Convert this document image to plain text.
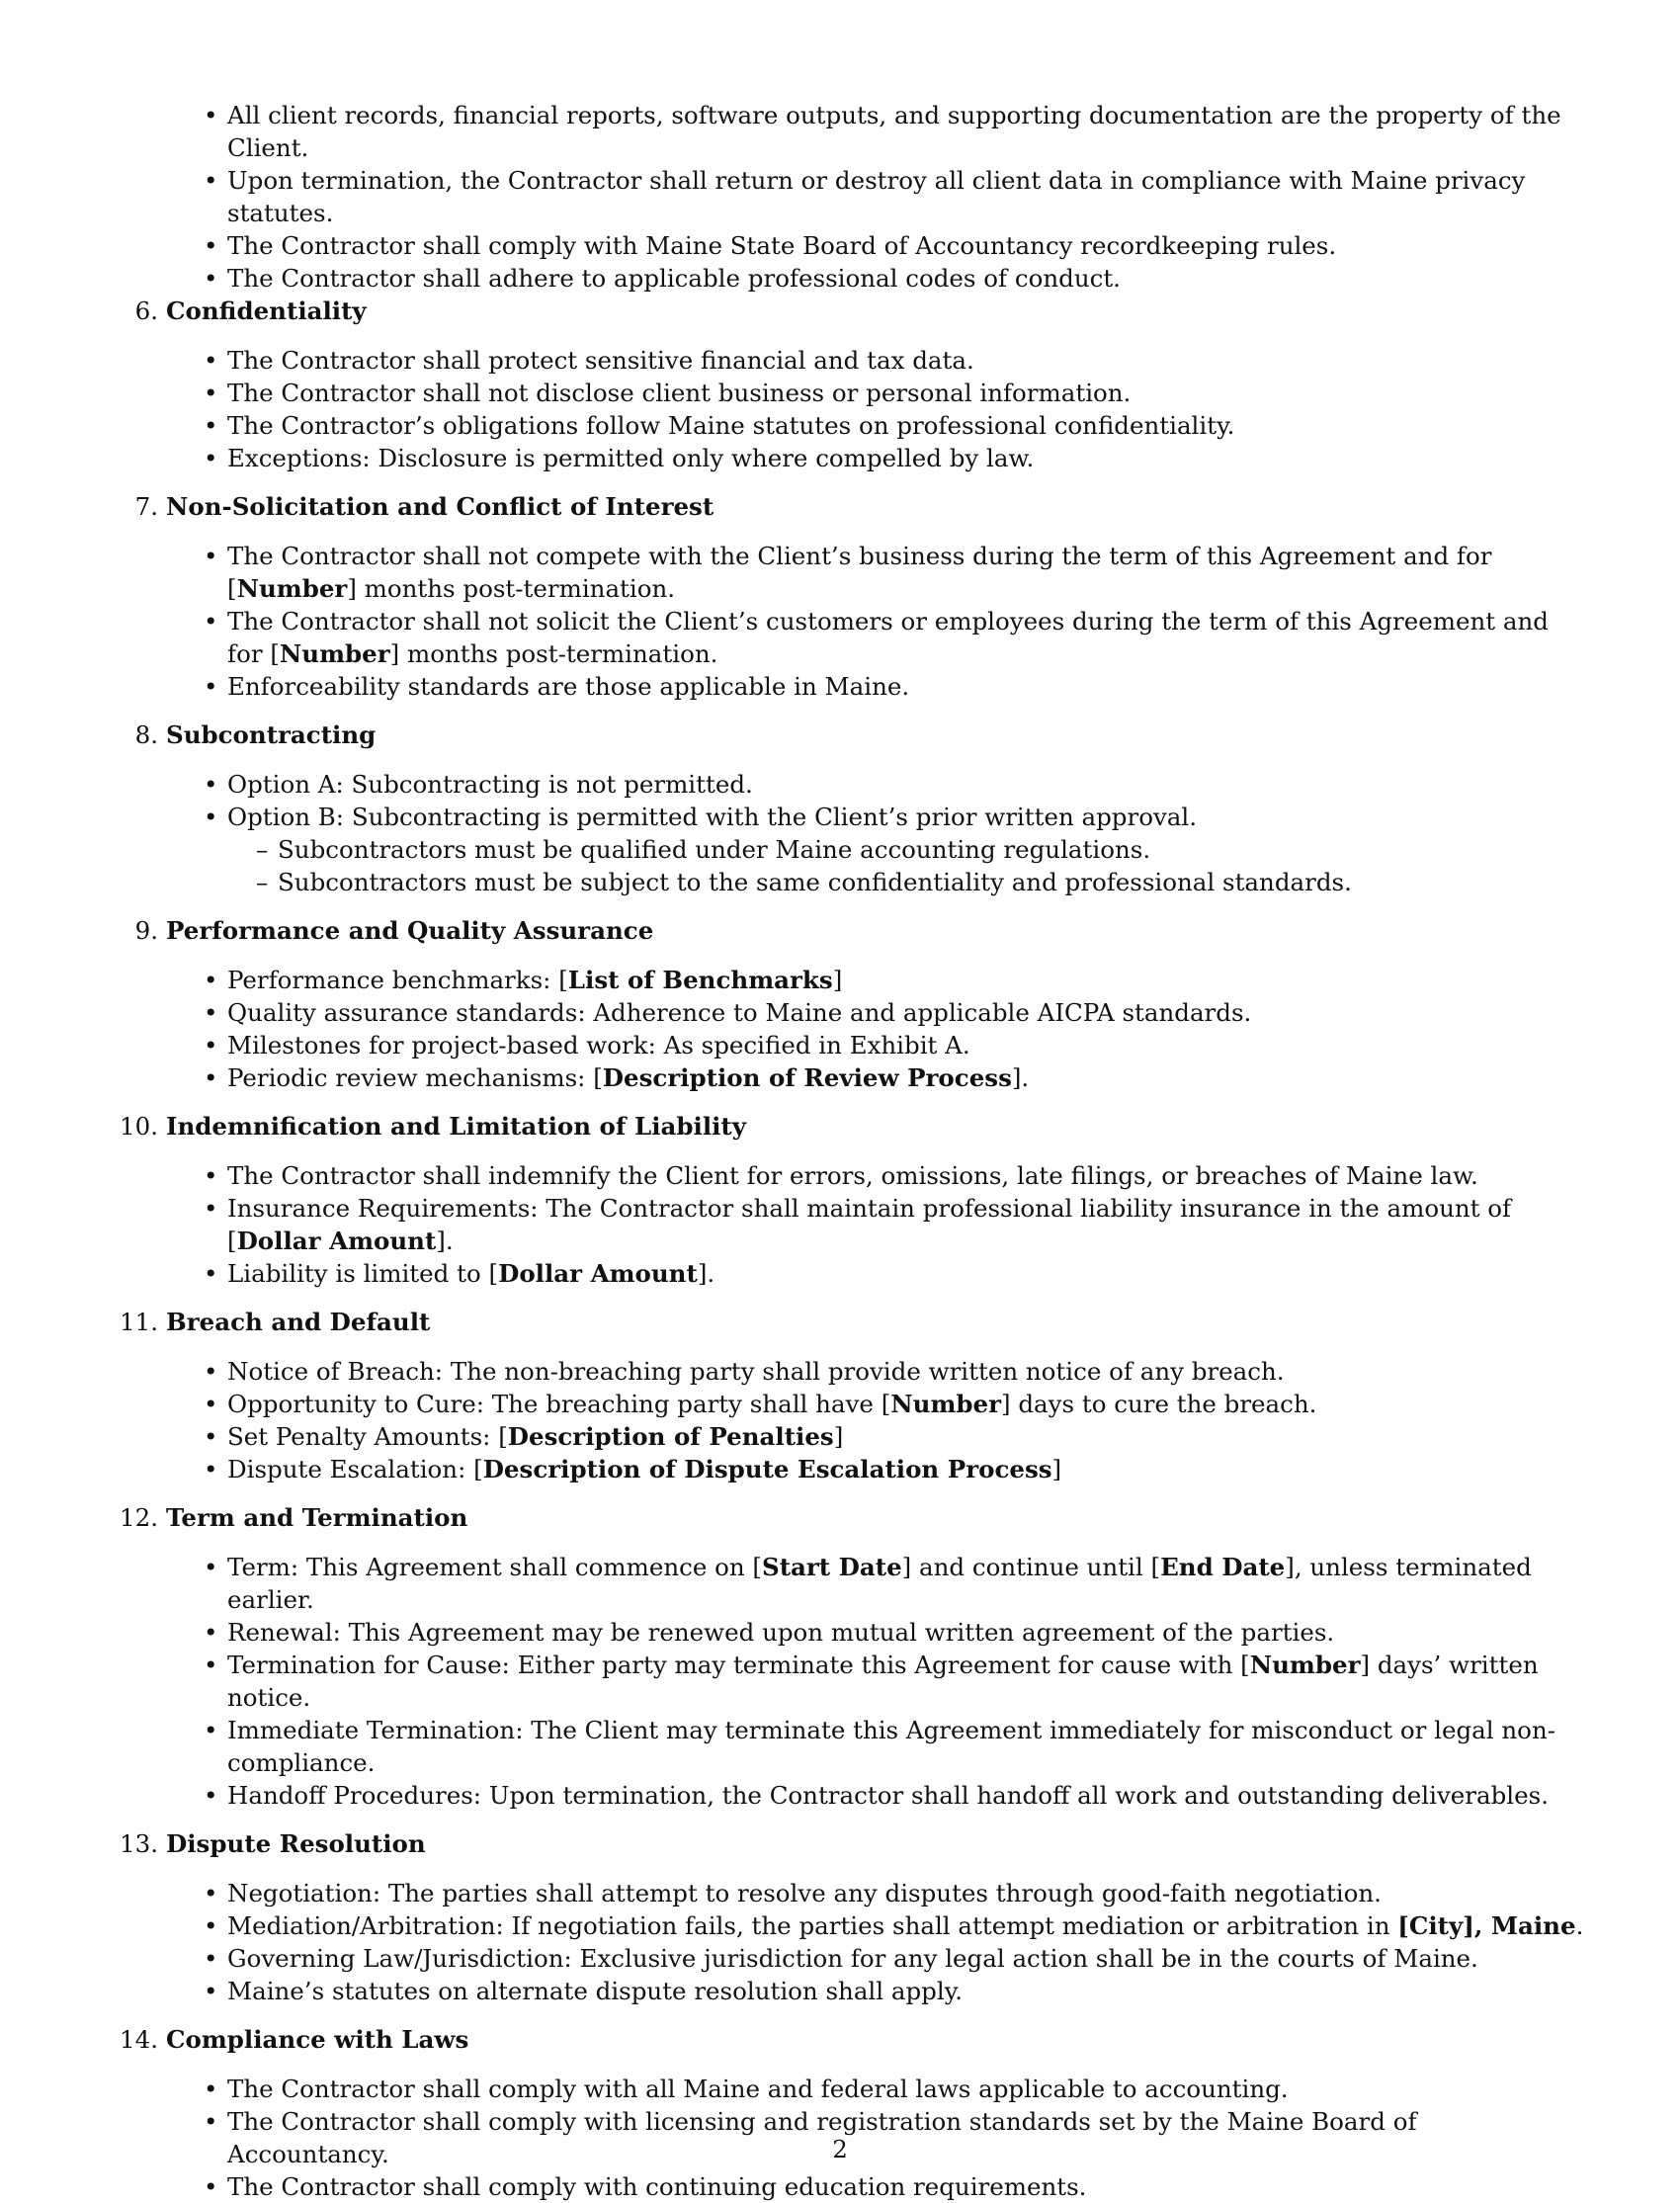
• All client records, financial reports, software outputs, and supporting documentation are the property of the Client.
• Upon termination, the Contractor shall return or destroy all client data in compliance with Maine privacy statutes.
• The Contractor shall comply with Maine State Board of Accountancy recordkeeping rules.
• The Contractor shall adhere to applicable professional codes of conduct.
6. Confidentiality

• The Contractor shall protect sensitive financial and tax data.
• The Contractor shall not disclose client business or personal information.
• The Contractor’s obligations follow Maine statutes on professional confidentiality.
• Exceptions: Disclosure is permitted only where compelled by law.
7. Non-Solicitation and Conflict of Interest

• The Contractor shall not compete with the Client’s business during the term of this Agreement and for [Number] months post-termination.
• The Contractor shall not solicit the Client’s customers or employees during the term of this Agreement and for [Number] months post-termination.
• Enforceability standards are those applicable in Maine.
8. Subcontracting

• Option A: Subcontracting is not permitted.
• Option B: Subcontracting is permitted with the Client’s prior written approval.
– Subcontractors must be qualified under Maine accounting regulations.
– Subcontractors must be subject to the same confidentiality and professional standards.
9. Performance and Quality Assurance

• Performance benchmarks: [List of Benchmarks]
• Quality assurance standards: Adherence to Maine and applicable AICPA standards.
• Milestones for project-based work: As specified in Exhibit A.
• Periodic review mechanisms: [Description of Review Process].
10. Indemnification and Limitation of Liability

• The Contractor shall indemnify the Client for errors, omissions, late filings, or breaches of Maine law.
• Insurance Requirements: The Contractor shall maintain professional liability insurance in the amount of [Dollar Amount].
• Liability is limited to [Dollar Amount].
11. Breach and Default

• Notice of Breach: The non-breaching party shall provide written notice of any breach.
• Opportunity to Cure: The breaching party shall have [Number] days to cure the breach.
• Set Penalty Amounts: [Description of Penalties]
• Dispute Escalation: [Description of Dispute Escalation Process]
12. Term and Termination

• Term: This Agreement shall commence on [Start Date] and continue until [End Date], unless terminated earlier.
• Renewal: This Agreement may be renewed upon mutual written agreement of the parties.
• Termination for Cause: Either party may terminate this Agreement for cause with [Number] days’ written notice.
• Immediate Termination: The Client may terminate this Agreement immediately for misconduct or legal non-compliance.
• Handoff Procedures: Upon termination, the Contractor shall handoff all work and outstanding deliverables.
13. Dispute Resolution

• Negotiation: The parties shall attempt to resolve any disputes through good-faith negotiation.
• Mediation/Arbitration: If negotiation fails, the parties shall attempt mediation or arbitration in [City], Maine.
• Governing Law/Jurisdiction: Exclusive jurisdiction for any legal action shall be in the courts of Maine.
• Maine’s statutes on alternate dispute resolution shall apply.
14. Compliance with Laws

• The Contractor shall comply with all Maine and federal laws applicable to accounting.
• The Contractor shall comply with licensing and registration standards set by the Maine Board of Accountancy.
• The Contractor shall comply with continuing education requirements.
2
